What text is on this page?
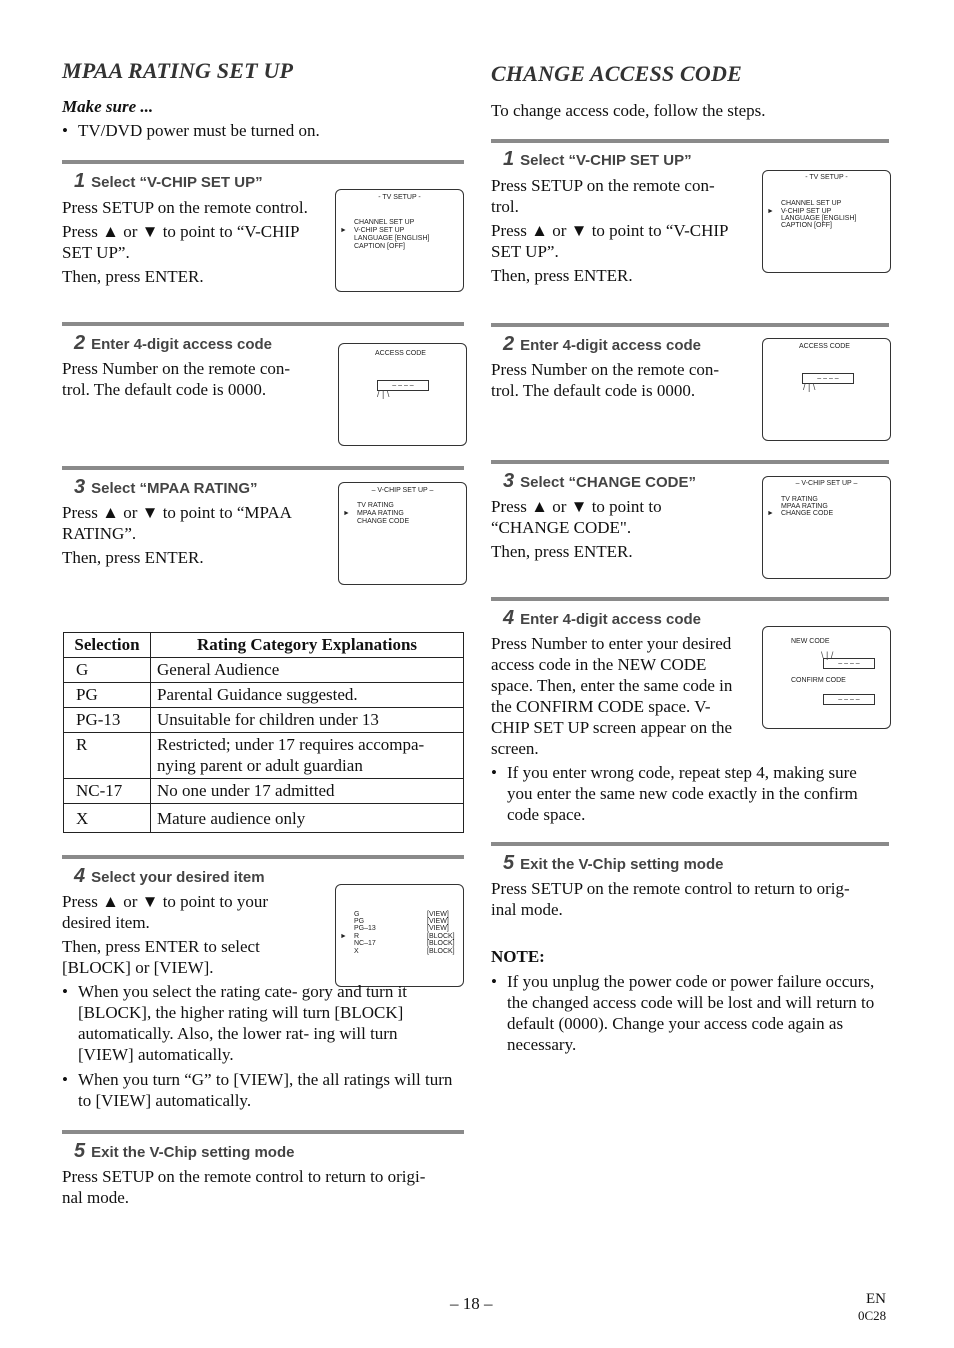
MPAA RATING SET UP
Make sure ...
• TV/DVD power must be turned on.
1 Select “V-CHIP SET UP”

Press SETUP on the remote control.

Press ▲ or ▼ to point to “V-CHIP

SET UP”.

Then, press ENTER.

- TV SETUP -
CHANNEL SET UP
► V-CHIP SET UP
LANGUAGE [ENGLISH]
CAPTION [OFF]
2 Enter 4-digit access code

Press Number on the remote con-

trol. The default code is 0000.

ACCESS CODE
– – – –
/ | \
3 Select “MPAA RATING”

Press ▲ or ▼ to point to “MPAA

RATING”.

Then, press ENTER.

– V-CHIP SET UP –
TV RATING
► MPAA RATING
CHANGE CODE
Selection	Rating Category Explanations
G	General Audience
PG	Parental Guidance suggested.
PG-13	Unsuitable for children under 13
R	Restricted; under 17 requires accompa- nying parent or adult guardian
NC-17	No one under 17 admitted
X	Mature audience only
4 Select your desired item

Press ▲ or ▼ to point to your

desired item.

Then, press ENTER to select

[BLOCK] or [VIEW].

G	[VIEW]
PG	[VIEW]
PG–13	[VIEW]
► R	[BLOCK]
NC–17	[BLOCK]
X	[BLOCK]
• When you select the rating cate- gory and turn it [BLOCK], the higher rating will turn [BLOCK] automatically. Also, the lower rat- ing will turn [VIEW] automatically.
• When you turn “G” to [VIEW], the all ratings will turn to [VIEW] automatically.
5 Exit the V-Chip setting mode

Press SETUP on the remote control to return to origi-

nal mode.

CHANGE ACCESS CODE
To change access code, follow the steps.
1 Select “V-CHIP SET UP”

Press SETUP on the remote con-

trol.

Press ▲ or ▼ to point to “V-CHIP

SET UP”.

Then, press ENTER.

- TV SETUP -
CHANNEL SET UP
► V-CHIP SET UP
LANGUAGE [ENGLISH]
CAPTION [OFF]
2 Enter 4-digit access code

Press Number on the remote con-

trol. The default code is 0000.

ACCESS CODE
– – – –
/ | \
3 Select “CHANGE CODE”

Press ▲ or ▼ to point to

“CHANGE CODE".

Then, press ENTER.

– V-CHIP SET UP –
TV RATING
MPAA RATING
► CHANGE CODE
4 Enter 4-digit access code

Press Number to enter your desired

access code in the NEW CODE

space. Then, enter the same code in

the CONFIRM CODE space. V-

CHIP SET UP screen appear on the

screen.

NEW CODE
– – – –
\ | /
CONFIRM CODE
– – – –
• If you enter wrong code, repeat step 4, making sure you enter the same new code exactly in the confirm code space.
5 Exit the V-Chip setting mode

Press SETUP on the remote control to return to orig-

inal mode.

NOTE:
• If you unplug the power code or power failure occurs, the changed access code will be lost and will return to default (0000). Change your access code again as necessary.
– 18 –	EN
0C28
